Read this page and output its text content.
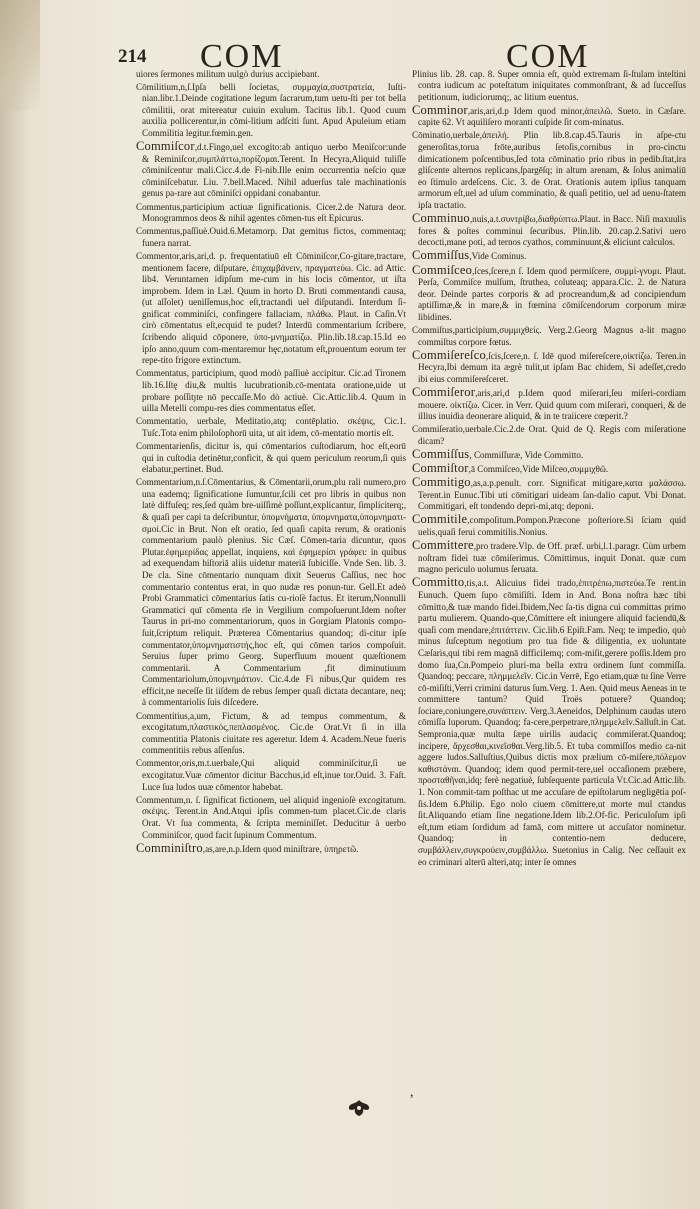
214 COM	COM

uiores ſermones militum uulgò durius accipiebant.

Cōmilitium,n,ſ.Ipſa belli ſocietas, συμμαχία,συστρατεία, Iuſti-nian.libr.1.Deinde cogitatione legum ſacrarum,tum uetu-ſti per tot bella cōmilitii, orat mitereatur cuiuin exulum. Tacitus lib.1. Quod cuum auxilia pollicerentur,in cōmi-litium adſciti ſunt. Apud Apuleium etiam Commilitia legitur.fœmin.gen.

Commiſcor,d.t.Fingo,uel excogito:ab antiquo uerbo Meniſcor:unde & Reminiſcor,συμπλάττω,πορίζομαι.Terent. In Hecyra,Aliquid tuliſſe cōminiſcentur mali.Cicc.4.de Fi-nib.Ille enim occurrentia neſcio quæ cōminiſcebatur. Liu. 7.bell.Maced. Nihil aduerſus tale machinationis genus pa-rare aut cōminiſci oppidani conabantur.

Commentus,participium actiuæ ſignificationis. Cicer.2.de Natura deor. Monogrammos deos & nihil agentes cōmen-tus eſt Epicurus.

Commentus,paſſiuè.Ouid.6.Metamorp. Dat gemitus fictos, commentaq; funera narrat.

Commentor,aris,ari,d. p. frequentatiuū eſt Cōminiſcor,Co-gitare,tractare, mentionem facere, diſputare, ἐπιχαμβάνειν, πραγματεύω. Cic. ad Attic. lib4. Veruntamen idipſum me-cum in his locis cōmentor, ut iſta improbem. Idem in Læl. Quum in horto D. Bruti commentandi causa, (ut aſſolet) ueniſſemus,hoc eſt,tractandi uel diſputandi. Interdum ſi-gnificat comminiſci, confingere fallaciam, πλάθω. Plaut. in Caſin.Vt cirò cōmentatus eſt,ecquid te pudet? Interdū commentarium ſcribere, ſcribendo aliquid cōponere, ὑπο-μνηματίζω. Plin.lib.18.cap.15.Id eo ipſo anno,quum com-mentaremur hęc,notatum eſt,prouentum eorum ter repe-tito frigore extinctum.

Commentatus, participium, quod modò paſſiuè accipitur. Cic.ad Tironem lib.16.Iſtę diu,& multis lucubrationib.cō-mentata oratione,uide ut probare poſſitȷte nō peccaſſe.Mo dò actiuè. Cic.Attic.lib.4. Quum in uilla Metelli compu-res dies commentatus eſſet.

Commentatio, uerbale, Meditatio,atq; contēplatio. σκέψις, Cic.1. Tuſc.Tota enim philoſophorū uita, ut ait idem, cō-mentatio mortis eſt.

Commentarienſis, dicitur is, qui cōmentarios cuſtodiarum, hoc eſt,eorū qui in cuſtodia detinētur,conficit, & qui quem periculum reorum,ſi quis elabatur,pertinet. Bud.

Commentarium,n.ſ.Cōmentarius, & Cōmentarii,orum,plu rali numero,pro una eademq; ſignificatione ſumuntur,ſcili cet pro libris in quibus non latè diffuſeq; res,ſed quàm bre-uiſſimè poſſunt,explicantur, ſimpliciterq;, & quaſi per capi ta deſcribuntur, ὑπομνήματα, ὑπομνηματα,ὑπομνηματι-σμοί.Cic in Brut. Non eſt oratio, ſed quaſi capita rerum, & orationis commentarium paulò plenius. Sic Cæſ. Cōmen-taria dicuntur, quos Plutar.ἐφημερίδας appellat, inquiens, καὶ ἐφημερίσι γράφει: in quibus ad exequendam hiſtoriā aliis uidetur materiā ſubiciſſe. Vnde Sen. lib. 3. De cla. Sine cōmentario nunquam dixit Seuerus Caſſius, nec hoc commentario contentus erat, in quo nudæ res ponun-tur. Gell.Et adeò Probi Grammatici cōmentarius ſatis cu-rioſè factus. Et iterum,Nonnulli Grammatici quī cōmenta rīe in Vergilium compoſuerunt.Idem noſter Taurus in pri-mo commentariorum, quos in Gorgiam Platonis compo-ſuit,ſcriptum reliquit. Præterea Cōmentarius quandoq; di-citur ipſe commentator,ὑπομνηματιστής,hoc eſt, qui cōmen tarios compoſuit. Seruius ſuper primo Georg. Superfluum mouent quæſtionem commentarii. A Commentarium ,fit diminutiuum Commentariolum,ὑπομνημάτιον. Cic.4.de Fi nibus,Qur quidem res efficit,ne neceſſe ſit iiſdem de rebus ſemper quaſi dictata decantare, neq; à commentariolis ſuis diſcedere.

Commentitius,a,um, Fictum, & ad tempus commentum, & excogitatum,πλαστικός,πεπλασμένος. Cic.de Orat.Vt ſi in illa commentitia Platonis ciuitate res ageretur. Idem 4. Academ.Neue fueris commentitiis rebus aſſenſus.

Commentor,oris,m.t.uerbale,Qui aliquid comminiſcitur,ſi ue excogitatur.Vuæ cōmentor dicitur Bacchus,id eſt,inue tor.Ouid. 3. Faſt. Luce ſua ludos uuæ cōmentor habebat.

Commentum,n. ſ. ſignificat fictionem, uel aliquid ingenioſè excogitatum. σκέψις. Terent.in And.Atqui ipſis commen-tum placet.Cic.de claris Orat. Vt ſua commenta, & ſcripta meminiſſet. Deducitur à uerbo Comminiſcor, quod facit ſupinum Commentum.

Comminiſtro,as,are,n.p.Idem quod miniſtrare, ὑπηρετῶ.

Plinius lib. 28. cap. 8. Super omnia eſt, quòd extremam ſi-ſtulam inteſtini contra iudicum ac poteſtatum iniquitates commonſtrant, & ad ſucceſſus petitionum, iudiciorumq;, ac litium euentus.

Comminor,aris,ari,d.p Idem quod minor,ἀπειλῶ. Sueto. in Cæſare. capite 62. Vt aquiliſero moranti cuſpide ſit com-minatus.

Cōminatio,uerbale,ἀπειλή. Plin lib.8.cap.45.Tauris in aſpe-ctu generoſitas,torua frōte,auribus ſetoſis,cornibus in pro-cinctu dimicationem poſcentibus,ſed tota cōminatio prio ribus in pedib.ſtat,ira gliſcente alternos replicans,ſpargēſq; in altum arenam, & ſolus animaliū eo ſtimulo ardeſcens. Cic. 3. de Orat. Orationis autem ipſius tanquam armorum eſt,uel ad uſum comminatio, & quaſi petitio, uel ad uenu-ſtatem ipſa tractatio.

Comminuo,nuis,a.t.συντρίβω,διαθρύπτω.Plaut. in Bacc. Niſi maxuulis fores & poſtes comminui ſecuribus. Plin.lib. 20.cap.2.Sativi uero decocti,mane poti, ad ternos cyathos, comminuunt,& eliciunt calculos.

Commiſſus,Vide Cominus.

Commiſceo,ſces,ſcere,n ſ. Idem quod permiſcere, συμμί-γνυμι. Plaut. Perſa, Commiſce mulſum, ſtruthea, coluteaq; appara.Cic. 2. de Natura deor. Deinde partes corporis & ad procreandum,& ad concipiendum aptiſſimæ,& in mare,& in fœmina cōmiſcendorum corporum miræ libidines.

Commiſtus,participium,συμμιχθείς. Verg.2.Georg Magnus a-lit magno commiſtus corpore fœtus.

Commiſereſco,ſcis,ſcere,n. ſ. Idē quod miſereſcere,οἰκτίζω. Teren.in Hecyra,Ibi demum ita ægrè tulit,ut ipſam Bac chidem, Si adeſſet,credo ibi eius commiſereſceret.

Commiſeror,aris,ari,d p.Idem quod miſerari,ſeu miſeri-cordiam mouere. οἰκτίζω. Cicer. in Verr. Quid quum com miſerari, conqueri, & de illius inuidia deonerare aliquid, & in te traiicere cœperit.?

Commiſeratio,uerbale.Cic.2.de Orat. Quid de Q. Regis com miſeratione dicam?

Commiſſus, Commiſſuræ, Vide Committo.

Commiſtor,ā Commiſceo,Vide Miſceo,συμμιχθῶ.

Commitigo,as,a.p.penult. corr. Significat mitigare,κατα μαλάσσω. Terent.in Eunuc.Tibi uti cōmitigari uideam ſan-dalio caput. Vbi Donat. Commitigari, eſt tondendo depri-mi,atq; deponi.

Commitile,compoſitum.Pompon.Præcone poſteriore.Si ſciam quid uelis,quaſi ferui commitilis.Nonius.

Committere,pro tradere.Vlp. de Off. præf. urbi,l.1.paragr. Cùm urbem noſtram fidei tuæ cōmiſerimus. Cōmittimus, inquit Donat. quæ cum magno periculo uolumus ſeruata.

Committo,tis,a.t. Alicuius fidei trado,ἐπιτρέπω,πιστεύω.Te rent.in Eunuch. Quem ſupo cōmiſiſti. Idem in And. Bona noſtra hæc tibi cōmitto,& tuæ mando fidei.Ibidem,Nec ſa-tis digna cui committas primo partu mulierem. Quando-que,Cōmittere eſt iniungere aliquid faciendū,& quaſi com mendare,ἐπιτάττειν. Cic.lib.6 Epiſt.Fam. Neq; te impedio, quò minus ſuſceptum negotium pro tua fide & diligentia, ex uoluntate Cæſaris,qui tibi rem magnā difficilemq; com-miſit,gerere poſſis.Idem pro domo ſua,Cn.Pompeio pluri-ma bella extra ordinem ſunt commiſſa. Quandoq; peccare, πλημμελεῖν. Cic.in Verrē, Ego etiam,quæ tu ſine Verre cō-miſiſti,Verri crimini daturus ſum.Verg. 1. Aen. Quid meus Aeneas in te committere tantum? Quid Troës potuere? Quandoq; ſociare,coniungere,συνάπτειν. Verg.3.Aeneidos, Delphinum caudas utero cōmiſſa luporum. Quandoq; fa-cere,perpetrare,πλημμελεῖν.Salluſt.in Cat. Sempronia,quæ multa ſæpe uirilis audaciç commiſerat.Quandoq; incipere, ἄρχεσθαι,κινεῖσθαι.Verg.lib.5. Et tuba commiſſos medio ca-nit aggere ludos.Salluſtius,Quibus dictis mox prælium cō-miſere,πόλεμον καθιστάναι. Quandoq; idem quod permit-tere,uel occaſionem præbere, προσταθῆναι,idq; ferè negatiuè, ſubſequente particula Vt.Cic.ad Attic.lib. 1. Non commit-tam poſthac ut me accuſare de epiſtolarum negligētia poſ-ſis.Idem 6.Philip. Ego nolo ciuem cōmittere,ut morte mul ctandus ſit.Aliquando etiam ſine negatione.Idem lib.2.Of-fic. Periculoſum ipſi eſt,tum etiam ſordidum ad famā, com mittere ut accuſator nominetur. Quandoq; in contentio-nem deducere, συμβάλλειν,συγκρούειν,συμβάλλω. Suetonius in Calig. Nec ceſſauit ex eo criminari alterū alteri,atq; inter ſe omnes

,
